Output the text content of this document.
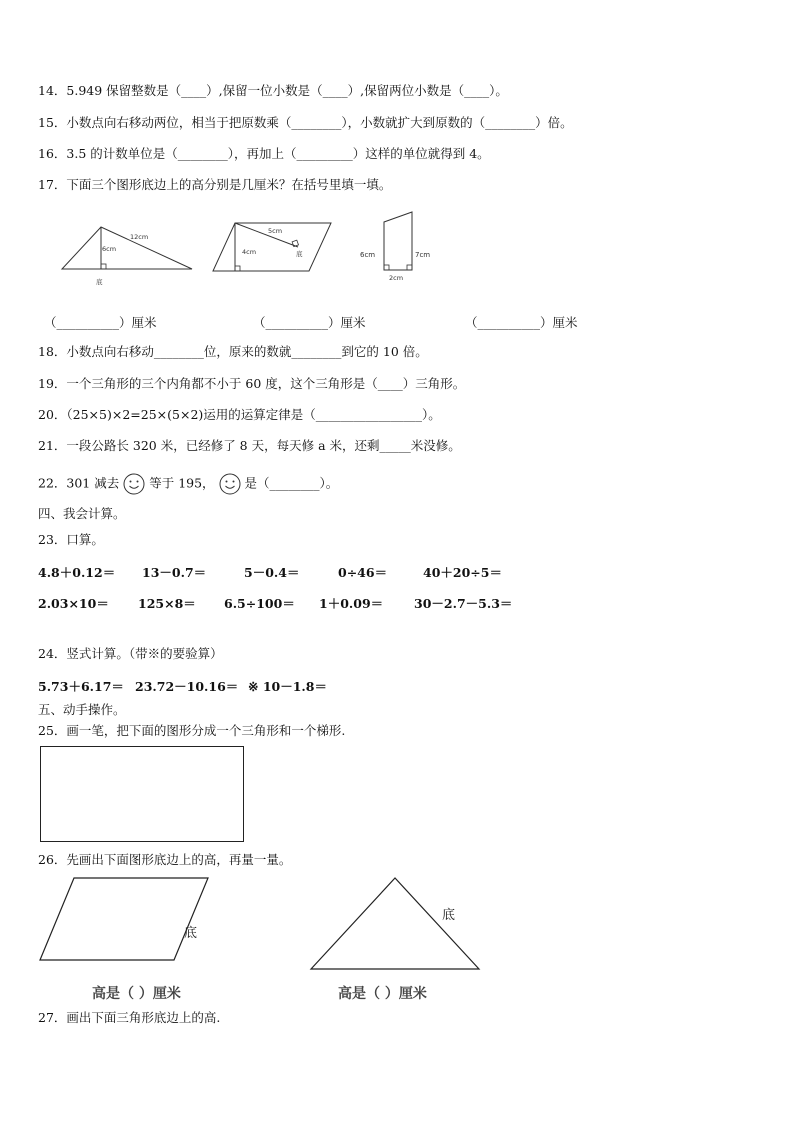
14．5.949 保留整数是（____）,保留一位小数是（____）,保留两位小数是（____）。
15．小数点向右移动两位，相当于把原数乘（________），小数就扩大到原数的（________）倍。
16．3.5 的计数单位是（________），再加上（_________）这样的单位就得到 4。
17．下面三个图形底边上的高分别是几厘米？在括号里填一填。
12cm
6cm
底
5cm
4cm	底	6cm	7cm
2cm
（__________）厘米	（__________）厘米	（__________）厘米
18．小数点向右移动________位，原来的数就________到它的 10 倍。
19．一个三角形的三个内角都不小于 60 度，这个三角形是（____）三角形。
20．（25×5)×2=25×(5×2)运用的运算定律是（_________________）。
21．一段公路长 320 米，已经修了 8 天，每天修 a 米，还剩_____米没修。
22．301 减去  等于 195， 是（________）。
四、我会计算。
23．口算。
4.8＋0.12＝ 13－0.7＝	5－0.4＝	0÷46＝	40＋20÷5＝
2.03×10＝ 125×8＝ 6.5÷100＝ 1＋0.09＝ 30－2.7－5.3＝
24．竖式计算。（带※的要验算）
5.73＋6.17＝ 23.72－10.16＝ ※ 10－1.8＝
五、动手操作。
25．画一笔，把下面的图形分成一个三角形和一个梯形.
26．先画出下面图形底边上的高，再量一量。
底
高是（ ）厘米
底
高是（ ）厘米
27．画出下面三角形底边上的高.
